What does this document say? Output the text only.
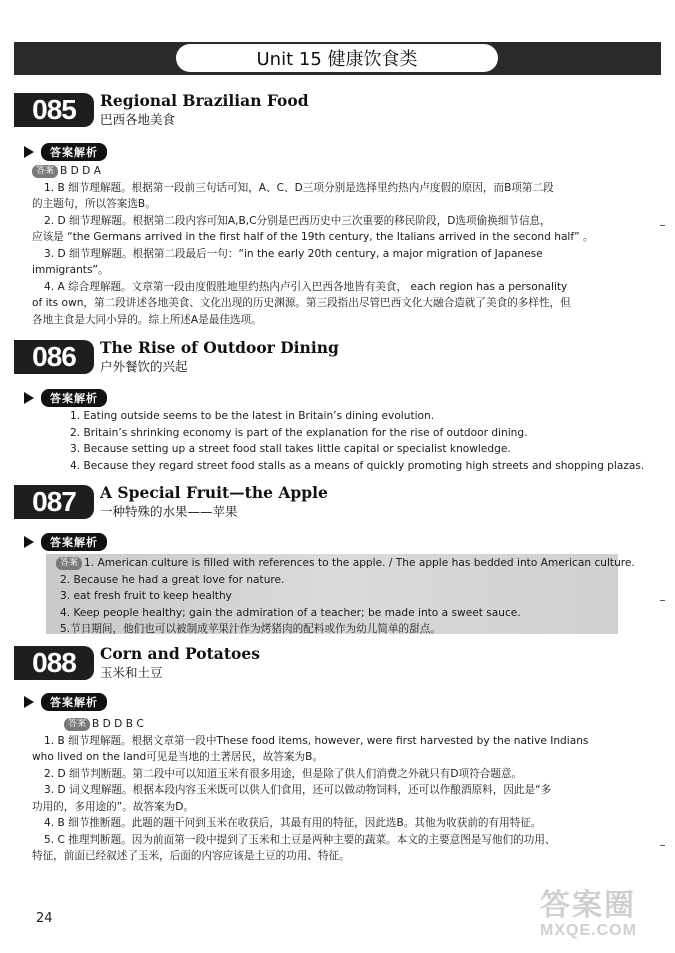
Unit 15 健康饮食类
085	Regional Brazilian Food
巴西各地美食
答案解析
答案 B D D A
1. B 细节理解题。根据第一段前三句话可知，A、C、D三项分别是选择里约热内卢度假的原因，而B项第二段
的主题句，所以答案选B。
2. D 细节理解题。根据第二段内容可知A,B,C分别是巴西历史中三次重要的移民阶段，D选项偷换细节信息，
应该是 “the Germans arrived in the first half of the 19th century, the Italians arrived in the second half” 。
3. D 细节理解题。根据第二段最后一句：“in the early 20th century, a major migration of Japanese
immigrants”。
4. A 综合理解题。文章第一段由度假胜地里约热内卢引入巴西各地皆有美食， each region has a personality
of its own，第二段讲述各地美食、文化出现的历史渊源。第三段指出尽管巴西文化大融合造就了美食的多样性，但
各地主食是大同小异的。综上所述A是最佳选项。
086	The Rise of Outdoor Dining
户外餐饮的兴起
答案解析
1. Eating outside seems to be the latest in Britain’s dining evolution.
2. Britain’s shrinking economy is part of the explanation for the rise of outdoor dining.
3. Because setting up a street food stall takes little capital or specialist knowledge.
4. Because they regard street food stalls as a means of quickly promoting high streets and shopping plazas.
087	A Special Fruit—the Apple
一种特殊的水果——苹果
答案解析
答案 1. American culture is filled with references to the apple. / The apple has bedded into American culture.
2. Because he had a great love for nature.
3. eat fresh fruit to keep healthy
4. Keep people healthy; gain the admiration of a teacher; be made into a sweet sauce.
5.节日期间，他们也可以被制成苹果汁作为烤猪肉的配料或作为幼儿简单的甜点。
088	Corn and Potatoes
玉米和土豆
答案解析
答案 B D D B C
1. B 细节理解题。根据文章第一段中These food items, however, were first harvested by the native Indians
who lived on the land可见是当地的土著居民，故答案为B。
2. D 细节判断题。第二段中可以知道玉米有很多用途，但是除了供人们消费之外就只有D项符合题意。
3. D 词义理解题。根据本段内容玉米既可以供人们食用，还可以做动物饲料，还可以作酿酒原料，因此是“多
功用的，多用途的”。故答案为D。
4. B 细节推断题。此题的题干问到玉米在收获后，其最有用的特征，因此选B。其他为收获前的有用特征。
5. C 推理判断题。因为前面第一段中提到了玉米和土豆是两种主要的蔬菜。本文的主要意图是写他们的功用、
特征，前面已经叙述了玉米，后面的内容应该是土豆的功用、特征。
24	答案圈
MXQE.COM
